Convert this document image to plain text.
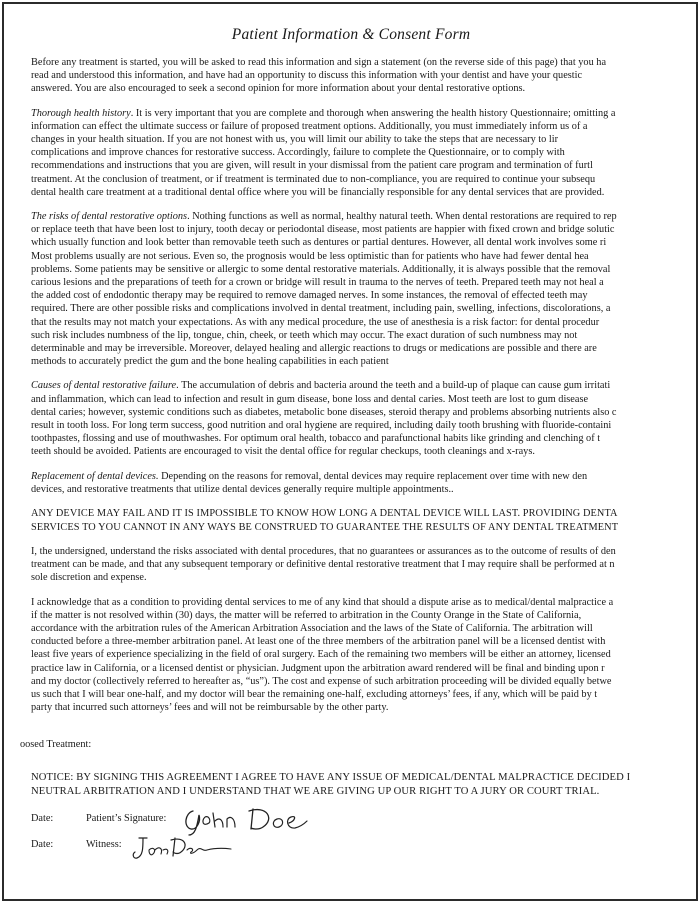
Patient Information & Consent Form
Before any treatment is started, you will be asked to read this information and sign a statement (on the reverse side of this page) that you ha
read and understood this information, and have had an opportunity to discuss this information with your dentist and have your questic
answered. You are also encouraged to seek a second opinion for more information about your dental restorative options.
Thorough health history. It is very important that you are complete and thorough when answering the health history Questionnaire; omitting a
information can effect the ultimate success or failure of proposed treatment options. Additionally, you must immediately inform us of a
changes in your health situation. If you are not honest with us, you will limit our ability to take the steps that are necessary to lir
complications and improve chances for restorative success. Accordingly, failure to complete the Questionnaire, or to comply with
recommendations and instructions that you are given, will result in your dismissal from the patient care program and termination of furtl
treatment. At the conclusion of treatment, or if treatment is terminated due to non-compliance, you are required to continue your subsequ
dental health care treatment at a traditional dental office where you will be financially responsible for any dental services that are provided.
The risks of dental restorative options. Nothing functions as well as normal, healthy natural teeth. When dental restorations are required to rep
or replace teeth that have been lost to injury, tooth decay or periodontal disease, most patients are happier with fixed crown and bridge solutic
which usually function and look better than removable teeth such as dentures or partial dentures. However, all dental work involves some ri
Most problems usually are not serious. Even so, the prognosis would be less optimistic than for patients who have had fewer dental hea
problems. Some patients may be sensitive or allergic to some dental restorative materials. Additionally, it is always possible that the removal
carious lesions and the preparations of teeth for a crown or bridge will result in trauma to the nerves of teeth. Prepared teeth may not heal a
the added cost of endodontic therapy may be required to remove damaged nerves. In some instances, the removal of effected teeth may
required. There are other possible risks and complications involved in dental treatment, including pain, swelling, infections, discolorations, a
that the results may not match your expectations. As with any medical procedure, the use of anesthesia is a risk factor: for dental procedur
such risk includes numbness of the lip, tongue, chin, cheek, or teeth which may occur. The exact duration of such numbness may not
determinable and may be irreversible. Moreover, delayed healing and allergic reactions to drugs or medications are possible and there are
methods to accurately predict the gum and the bone healing capabilities in each patient
Causes of dental restorative failure. The accumulation of debris and bacteria around the teeth and a build-up of plaque can cause gum irritati
and inflammation, which can lead to infection and result in gum disease, bone loss and dental caries. Most teeth are lost to gum disease
dental caries; however, systemic conditions such as diabetes, metabolic bone diseases, steroid therapy and problems absorbing nutrients also c
result in tooth loss. For long term success, good nutrition and oral hygiene are required, including daily tooth brushing with fluoride-containi
toothpastes, flossing and use of mouthwashes. For optimum oral health, tobacco and parafunctional habits like grinding and clenching of t
teeth should be avoided. Patients are encouraged to visit the dental office for regular checkups, tooth cleanings and x-rays.
Replacement of dental devices. Depending on the reasons for removal, dental devices may require replacement over time with new den
devices, and restorative treatments that utilize dental devices generally require multiple appointments..
ANY DEVICE MAY FAIL AND IT IS IMPOSSIBLE TO KNOW HOW LONG A DENTAL DEVICE WILL LAST. PROVIDING DENTA
SERVICES TO YOU CANNOT IN ANY WAYS BE CONSTRUED TO GUARANTEE THE RESULTS OF ANY DENTAL TREATMENT
I, the undersigned, understand the risks associated with dental procedures, that no guarantees or assurances as to the outcome of results of den
treatment can be made, and that any subsequent temporary or definitive dental restorative treatment that I may require shall be performed at n
sole discretion and expense.
I acknowledge that as a condition to providing dental services to me of any kind that should a dispute arise as to medical/dental malpractice a
if the matter is not resolved within (30) days, the matter will be referred to arbitration in the County Orange in the State of California,
accordance with the arbitration rules of the American Arbitration Association and the laws of the State of California. The arbitration will
conducted before a three-member arbitration panel. At least one of the three members of the arbitration panel will be a licensed dentist with
least five years of experience specializing in the field of oral surgery. Each of the remaining two members will be either an attorney, licensed
practice law in California, or a licensed dentist or physician. Judgment upon the arbitration award rendered will be final and binding upon r
and my doctor (collectively referred to hereafter as, “us”). The cost and expense of such arbitration proceeding will be divided equally betwe
us such that I will bear one-half, and my doctor will bear the remaining one-half, excluding attorneys’ fees, if any, which will be paid by t
party that incurred such attorneys’ fees and will not be reimbursable by the other party.
oosed Treatment:
NOTICE: BY SIGNING THIS AGREEMENT I AGREE TO HAVE ANY ISSUE OF MEDICAL/DENTAL MALPRACTICE DECIDED I
NEUTRAL ARBITRATION AND I UNDERSTAND THAT WE ARE GIVING UP OUR RIGHT TO A JURY OR COURT TRIAL.
Date:	Patient’s Signature:
Date:	Witness:
